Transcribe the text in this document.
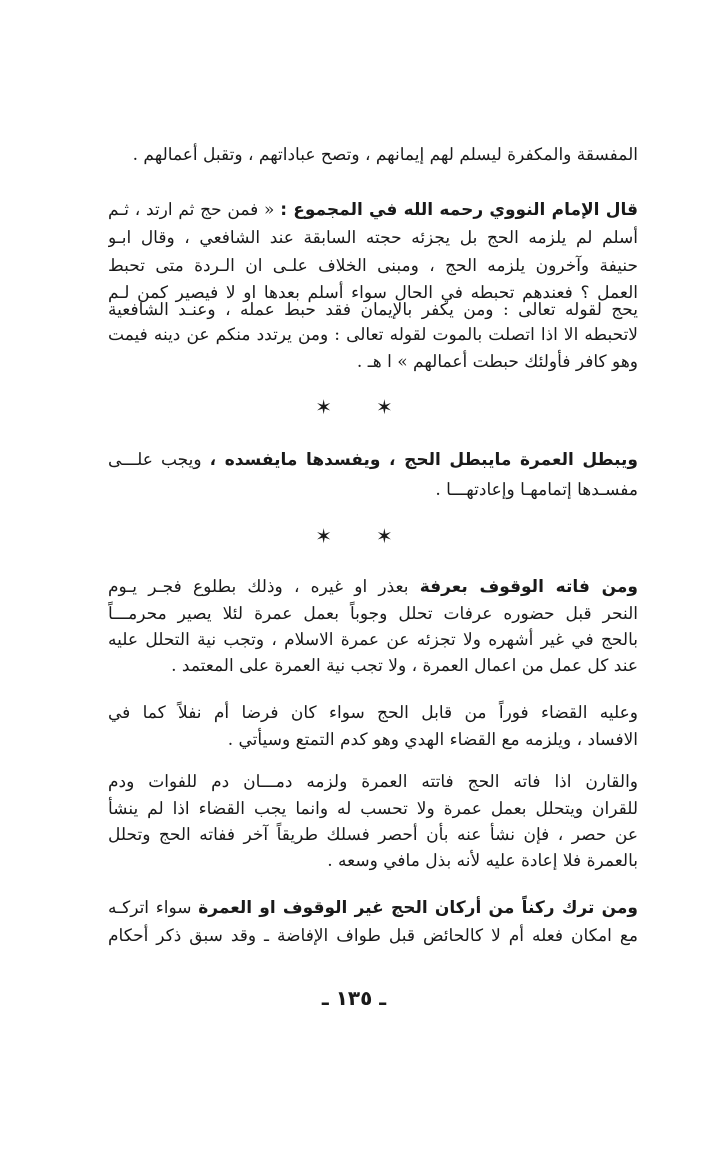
المفسقة والمكفرة ليسلم لهم إيمانهم ، وتصح عباداتهم ، وتقبل أعمالهم .
قال الإمام النووي رحمه الله في المجموع : « فمن حج ثم ارتد ، ثـم
أسلم لم يلزمه الحج بل يجزئه حجته السابقة عند الشافعي ، وقال ابـو
حنيفة وآخرون يلزمه الحج ، ومبنى الخلاف علـى ان الـردة متى تحبط
العمل ؟ فعندهم تحبطه في الحال سواء أسلم بعدها او لا فيصير كمن لـم
يحج لقوله تعالى : ومن يكفر بالإيمان فقد حبط عمله ، وعنـد الشافعية
لاتحبطه الا اذا اتصلت بالموت لقوله تعالى : ومن يرتدد منكم عن دينه فيمت
وهو كافر فأولئك حبطت أعمالهم » ا هـ .
✶ ✶
ويبطل العمرة مايبطل الحج ، ويفسدها مايفسده ، ويجب علـــى
مفسـدها إتمامهـا وإعادتهـــا .
✶ ✶
ومن فاته الوقوف بعرفة بعذر او غيره ، وذلك بطلوع فجـر يـوم
النحر قبل حضوره عرفات تحلل وجوباً بعمل عمرة لئلا يصير محرمـــاً
بالحج في غير أشهره ولا تجزئه عن عمرة الاسلام ، وتجب نية التحلل عليه
عند كل عمل من اعمال العمرة ، ولا تجب نية العمرة على المعتمد .
وعليه القضاء فوراً من قابل الحج سواء كان فرضا أم نفلاً كما في
الافساد ، ويلزمه مع القضاء الهدي وهو كدم التمتع وسيأتي .
والقارن اذا فاته الحج فاتته العمرة ولزمه دمـــان دم للفوات ودم
للقران ويتحلل بعمل عمرة ولا تحسب له وانما يجب القضاء اذا لم ينشأ
عن حصر ، فإن نشأ عنه بأن أحصر فسلك طريقاً آخر ففاته الحج وتحلل
بالعمرة فلا إعادة عليه لأنه بذل مافي وسعه .
ومن ترك ركناً من أركان الحج غير الوقوف او العمرة سواء اتركـه
مع امكان فعله أم لا كالحائض قبل طواف الإفاضة ـ وقد سبق ذكر أحكام
ـ ١٣٥ ـ
